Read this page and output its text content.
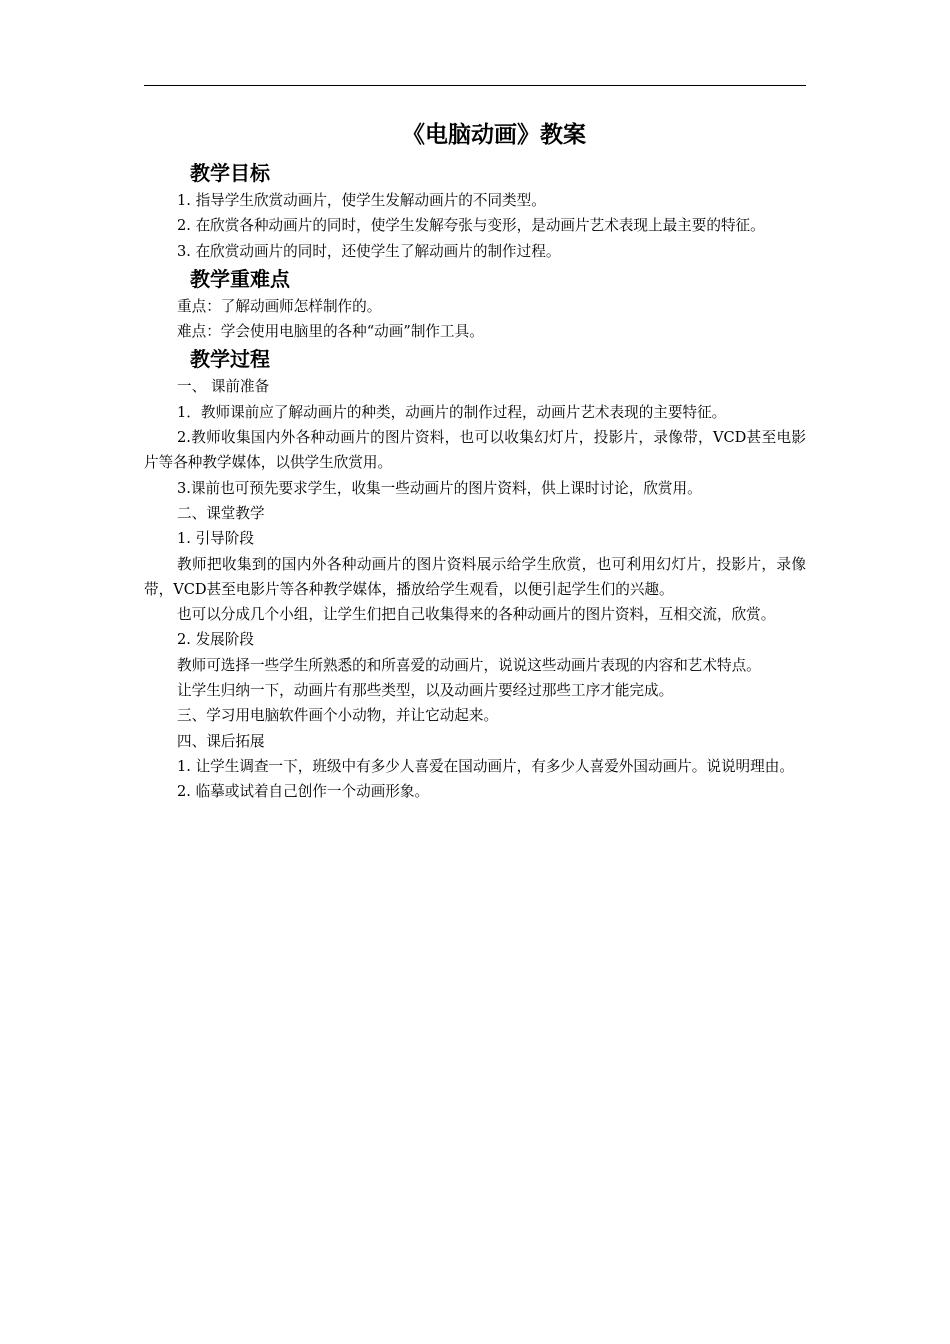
《电脑动画》教案
教学目标

1. 指导学生欣赏动画片，使学生发解动画片的不同类型。

2. 在欣赏各种动画片的同时，使学生发解夸张与变形，是动画片艺术表现上最主要的特征。

3. 在欣赏动画片的同时，还使学生了解动画片的制作过程。

教学重难点

重点：了解动画师怎样制作的。

难点：学会使用电脑里的各种“动画”制作工具。

教学过程

一、 课前准备

1．教师课前应了解动画片的种类，动画片的制作过程，动画片艺术表现的主要特征。

2.教师收集国内外各种动画片的图片资料，也可以收集幻灯片，投影片，录像带，VCD甚至电影片等各种教学媒体，以供学生欣赏用。

3.课前也可预先要求学生，收集一些动画片的图片资料，供上课时讨论，欣赏用。

二、课堂教学

1. 引导阶段

教师把收集到的国内外各种动画片的图片资料展示给学生欣赏，也可利用幻灯片，投影片，录像带，VCD甚至电影片等各种教学媒体，播放给学生观看，以便引起学生们的兴趣。

也可以分成几个小组，让学生们把自己收集得来的各种动画片的图片资料，互相交流，欣赏。

2. 发展阶段

教师可选择一些学生所熟悉的和所喜爱的动画片，说说这些动画片表现的内容和艺术特点。

让学生归纳一下，动画片有那些类型，以及动画片要经过那些工序才能完成。

三、学习用电脑软件画个小动物，并让它动起来。

四、课后拓展

1. 让学生调查一下，班级中有多少人喜爱在国动画片，有多少人喜爱外国动画片。说说明理由。

2. 临摹或试着自己创作一个动画形象。
